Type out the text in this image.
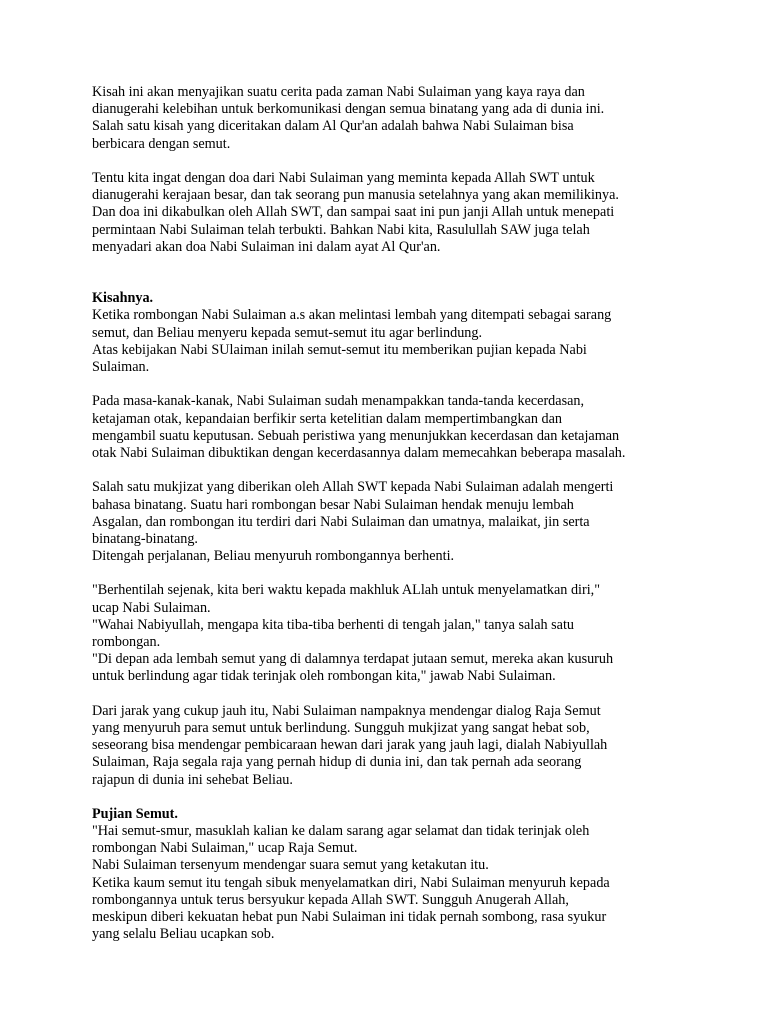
Kisah ini akan menyajikan suatu cerita pada zaman Nabi Sulaiman yang kaya raya dan
dianugerahi kelebihan untuk berkomunikasi dengan semua binatang yang ada di dunia ini.
Salah satu kisah yang diceritakan dalam Al Qur'an adalah bahwa Nabi Sulaiman bisa
berbicara dengan semut.
Tentu kita ingat dengan doa dari Nabi Sulaiman yang meminta kepada Allah SWT untuk
dianugerahi kerajaan besar, dan tak seorang pun manusia setelahnya yang akan memilikinya.
Dan doa ini dikabulkan oleh Allah SWT, dan sampai saat ini pun janji Allah untuk menepati
permintaan Nabi Sulaiman telah terbukti. Bahkan Nabi kita, Rasulullah SAW juga telah
menyadari akan doa Nabi Sulaiman ini dalam ayat Al Qur'an.
Kisahnya.
Ketika rombongan Nabi Sulaiman a.s akan melintasi lembah yang ditempati sebagai sarang
semut, dan Beliau menyeru kepada semut-semut itu agar berlindung.
Atas kebijakan Nabi SUlaiman inilah semut-semut itu memberikan pujian kepada Nabi
Sulaiman.
Pada masa-kanak-kanak, Nabi Sulaiman sudah menampakkan tanda-tanda kecerdasan,
ketajaman otak, kepandaian berfikir serta ketelitian dalam mempertimbangkan dan
mengambil suatu keputusan. Sebuah peristiwa yang menunjukkan kecerdasan dan ketajaman
otak Nabi Sulaiman dibuktikan dengan kecerdasannya dalam memecahkan beberapa masalah.
Salah satu mukjizat yang diberikan oleh Allah SWT kepada Nabi Sulaiman adalah mengerti
bahasa binatang. Suatu hari rombongan besar Nabi Sulaiman hendak menuju lembah
Asgalan, dan rombongan itu terdiri dari Nabi Sulaiman dan umatnya, malaikat, jin serta
binatang-binatang.
Ditengah perjalanan, Beliau menyuruh rombongannya berhenti.
"Berhentilah sejenak, kita beri waktu kepada makhluk ALlah untuk menyelamatkan diri,"
ucap Nabi Sulaiman.
"Wahai Nabiyullah, mengapa kita tiba-tiba berhenti di tengah jalan," tanya salah satu
rombongan.
"Di depan ada lembah semut yang di dalamnya terdapat jutaan semut, mereka akan kusuruh
untuk berlindung agar tidak terinjak oleh rombongan kita," jawab Nabi Sulaiman.
Dari jarak yang cukup jauh itu, Nabi Sulaiman nampaknya mendengar dialog Raja Semut
yang menyuruh para semut untuk berlindung. Sungguh mukjizat yang sangat hebat sob,
seseorang bisa mendengar pembicaraan hewan dari jarak yang jauh lagi, dialah Nabiyullah
Sulaiman, Raja segala raja yang pernah hidup di dunia ini, dan tak pernah ada seorang
rajapun di dunia ini sehebat Beliau.
Pujian Semut.
"Hai semut-smur, masuklah kalian ke dalam sarang agar selamat dan tidak terinjak oleh
rombongan Nabi Sulaiman," ucap Raja Semut.
Nabi Sulaiman tersenyum mendengar suara semut yang ketakutan itu.
Ketika kaum semut itu tengah sibuk menyelamatkan diri, Nabi Sulaiman menyuruh kepada
rombongannya untuk terus bersyukur kepada Allah SWT. Sungguh Anugerah Allah,
meskipun diberi kekuatan hebat pun Nabi Sulaiman ini tidak pernah sombong, rasa syukur
yang selalu Beliau ucapkan sob.
